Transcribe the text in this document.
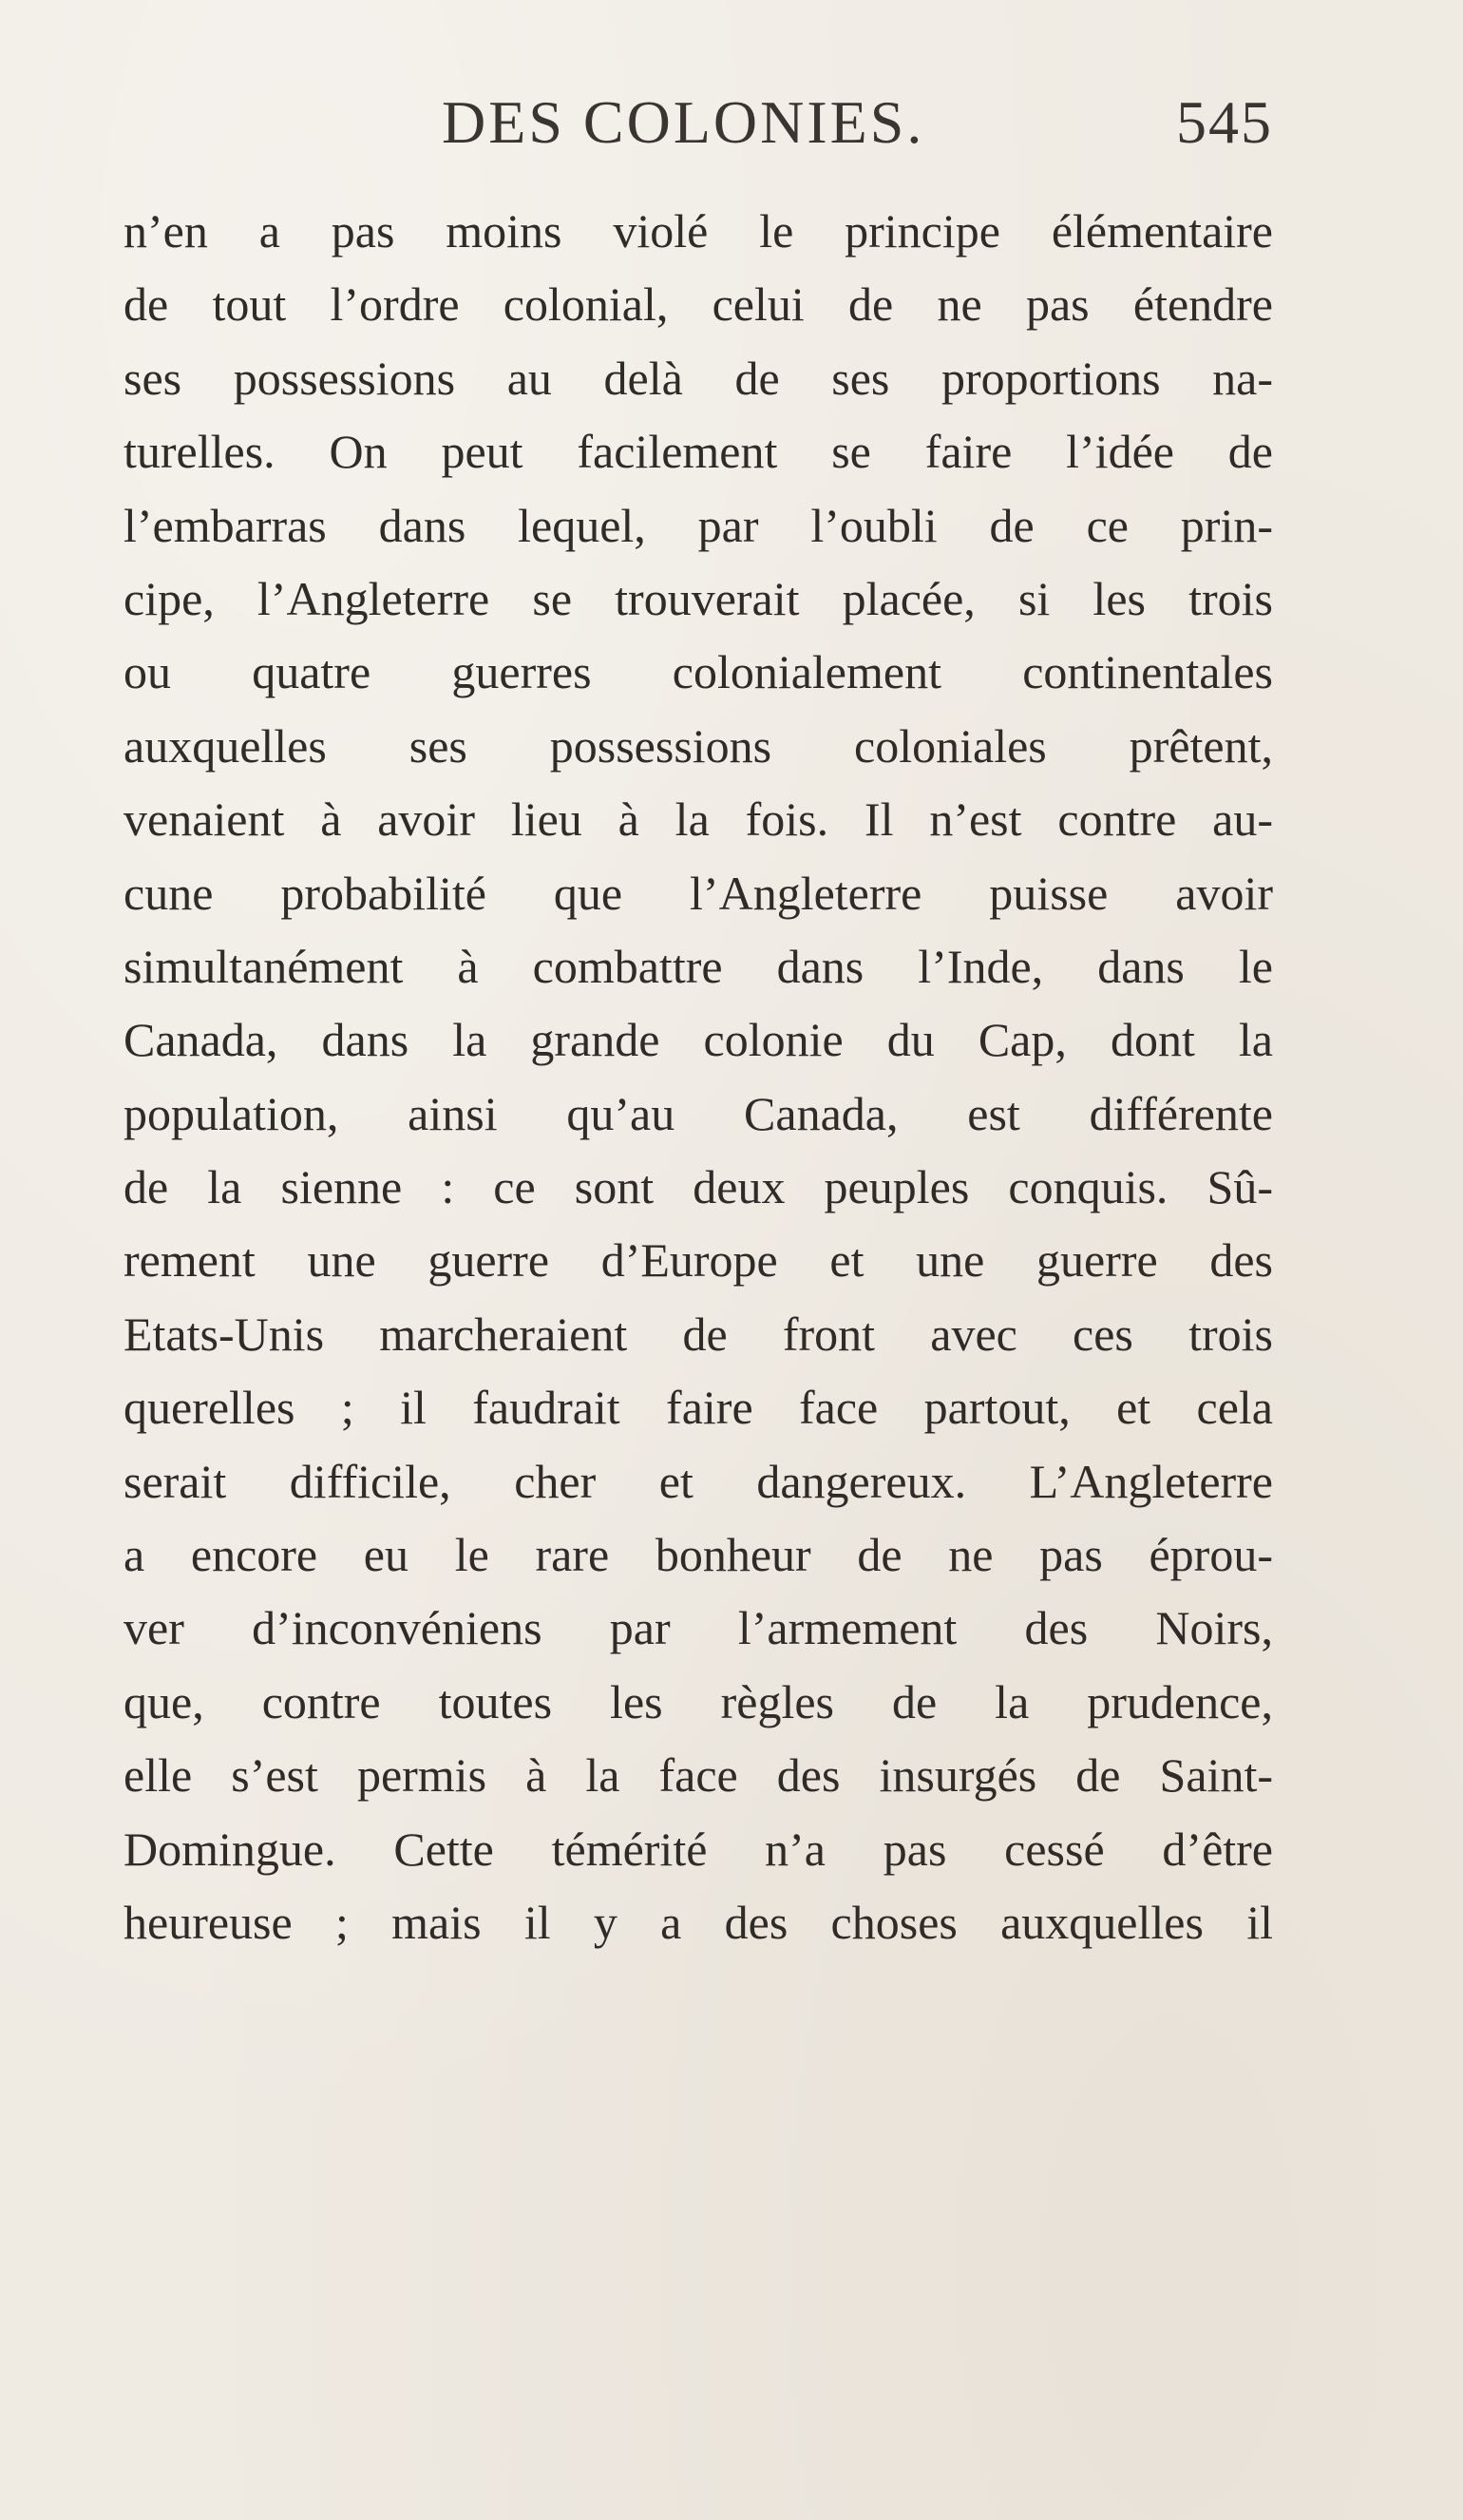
DES COLONIES.	545
n’en a pas moins violé le principe élémentaire
de tout l’ordre colonial, celui de ne pas étendre
ses possessions au delà de ses proportions na-
turelles. On peut facilement se faire l’idée de
l’embarras dans lequel, par l’oubli de ce prin-
cipe, l’Angleterre se trouverait placée, si les trois
ou quatre guerres colonialement continentales
auxquelles ses possessions coloniales prêtent,
venaient à avoir lieu à la fois. Il n’est contre au-
cune probabilité que l’Angleterre puisse avoir
simultanément à combattre dans l’Inde, dans le
Canada, dans la grande colonie du Cap, dont la
population, ainsi qu’au Canada, est différente
de la sienne : ce sont deux peuples conquis. Sû-
rement une guerre d’Europe et une guerre des
Etats-Unis marcheraient de front avec ces trois
querelles ; il faudrait faire face partout, et cela
serait difficile, cher et dangereux. L’Angleterre
a encore eu le rare bonheur de ne pas éprou-
ver d’inconvéniens par l’armement des Noirs,
que, contre toutes les règles de la prudence,
elle s’est permis à la face des insurgés de Saint-
Domingue. Cette témérité n’a pas cessé d’être
heureuse ; mais il y a des choses auxquelles il
